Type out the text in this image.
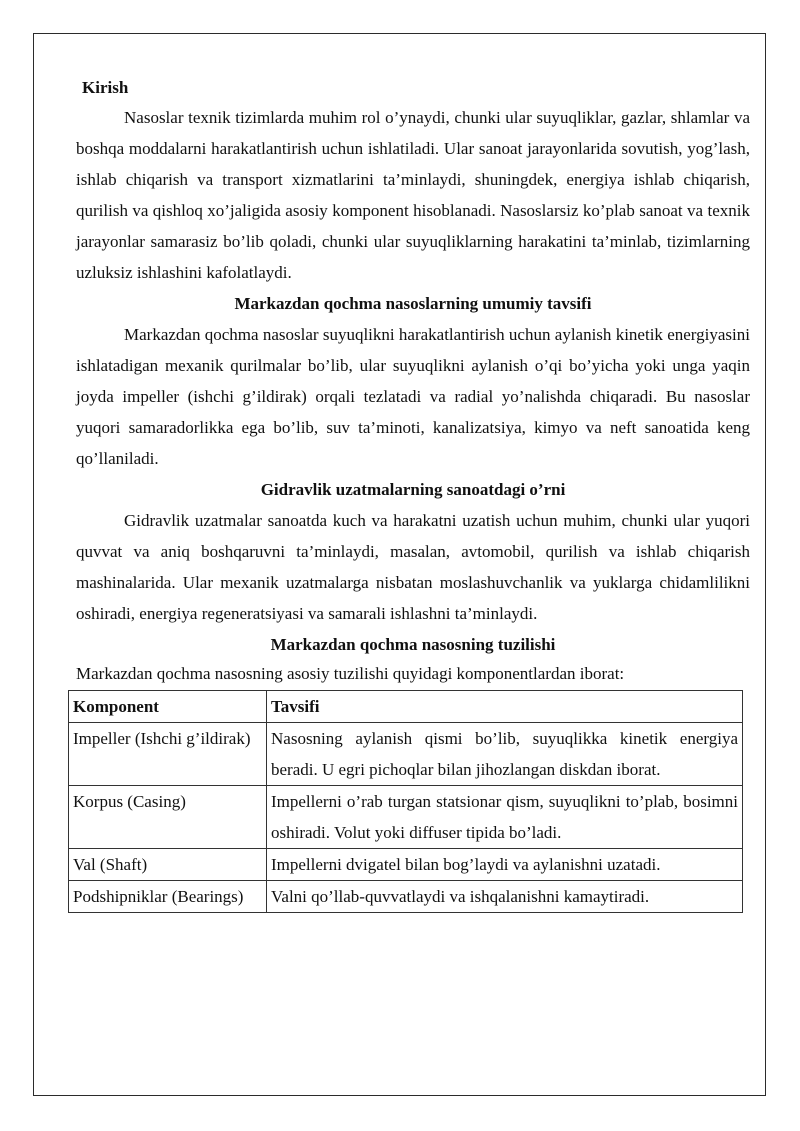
Kirish

Nasoslar texnik tizimlarda muhim rol o’ynaydi, chunki ular suyuqliklar, gazlar, shlamlar va boshqa moddalarni harakatlantirish uchun ishlatiladi. Ular sanoat jarayonlarida sovutish, yog’lash, ishlab chiqarish va transport xizmatlarini ta’minlaydi, shuningdek, energiya ishlab chiqarish, qurilish va qishloq xo’jaligida asosiy komponent hisoblanadi. Nasoslarsiz ko’plab sanoat va texnik jarayonlar samarasiz bo’lib qoladi, chunki ular suyuqliklarning harakatini ta’minlab, tizimlarning uzluksiz ishlashini kafolatlaydi.

Markazdan qochma nasoslarning umumiy tavsifi

Markazdan qochma nasoslar suyuqlikni harakatlantirish uchun aylanish kinetik energiyasini ishlatadigan mexanik qurilmalar bo’lib, ular suyuqlikni aylanish o’qi bo’yicha yoki unga yaqin joyda impeller (ishchi g’ildirak) orqali tezlatadi va radial yo’nalishda chiqaradi. Bu nasoslar yuqori samaradorlikka ega bo’lib, suv ta’minoti, kanalizatsiya, kimyo va neft sanoatida keng qo’llaniladi.

Gidravlik uzatmalarning sanoatdagi o’rni

Gidravlik uzatmalar sanoatda kuch va harakatni uzatish uchun muhim, chunki ular yuqori quvvat va aniq boshqaruvni ta’minlaydi, masalan, avtomobil, qurilish va ishlab chiqarish mashinalarida. Ular mexanik uzatmalarga nisbatan moslashuvchanlik va yuklarga chidamlilikni oshiradi, energiya regeneratsiyasi va samarali ishlashni ta’minlaydi.

Markazdan qochma nasosning tuzilishi

Markazdan qochma nasosning asosiy tuzilishi quyidagi komponentlardan iborat:

Komponent	Tavsifi
Impeller (Ishchi g’ildirak)	Nasosning aylanish qismi bo’lib, suyuqlikka kinetik energiya beradi. U egri pichoqlar bilan jihozlangan diskdan iborat.
Korpus (Casing)	Impellerni o’rab turgan statsionar qism, suyuqlikni to’plab, bosimni oshiradi. Volut yoki diffuser tipida bo’ladi.
Val (Shaft)	Impellerni dvigatel bilan bog’laydi va aylanishni uzatadi.
Podshipniklar (Bearings)	Valni qo’llab-quvvatlaydi va ishqalanishni kamaytiradi.
